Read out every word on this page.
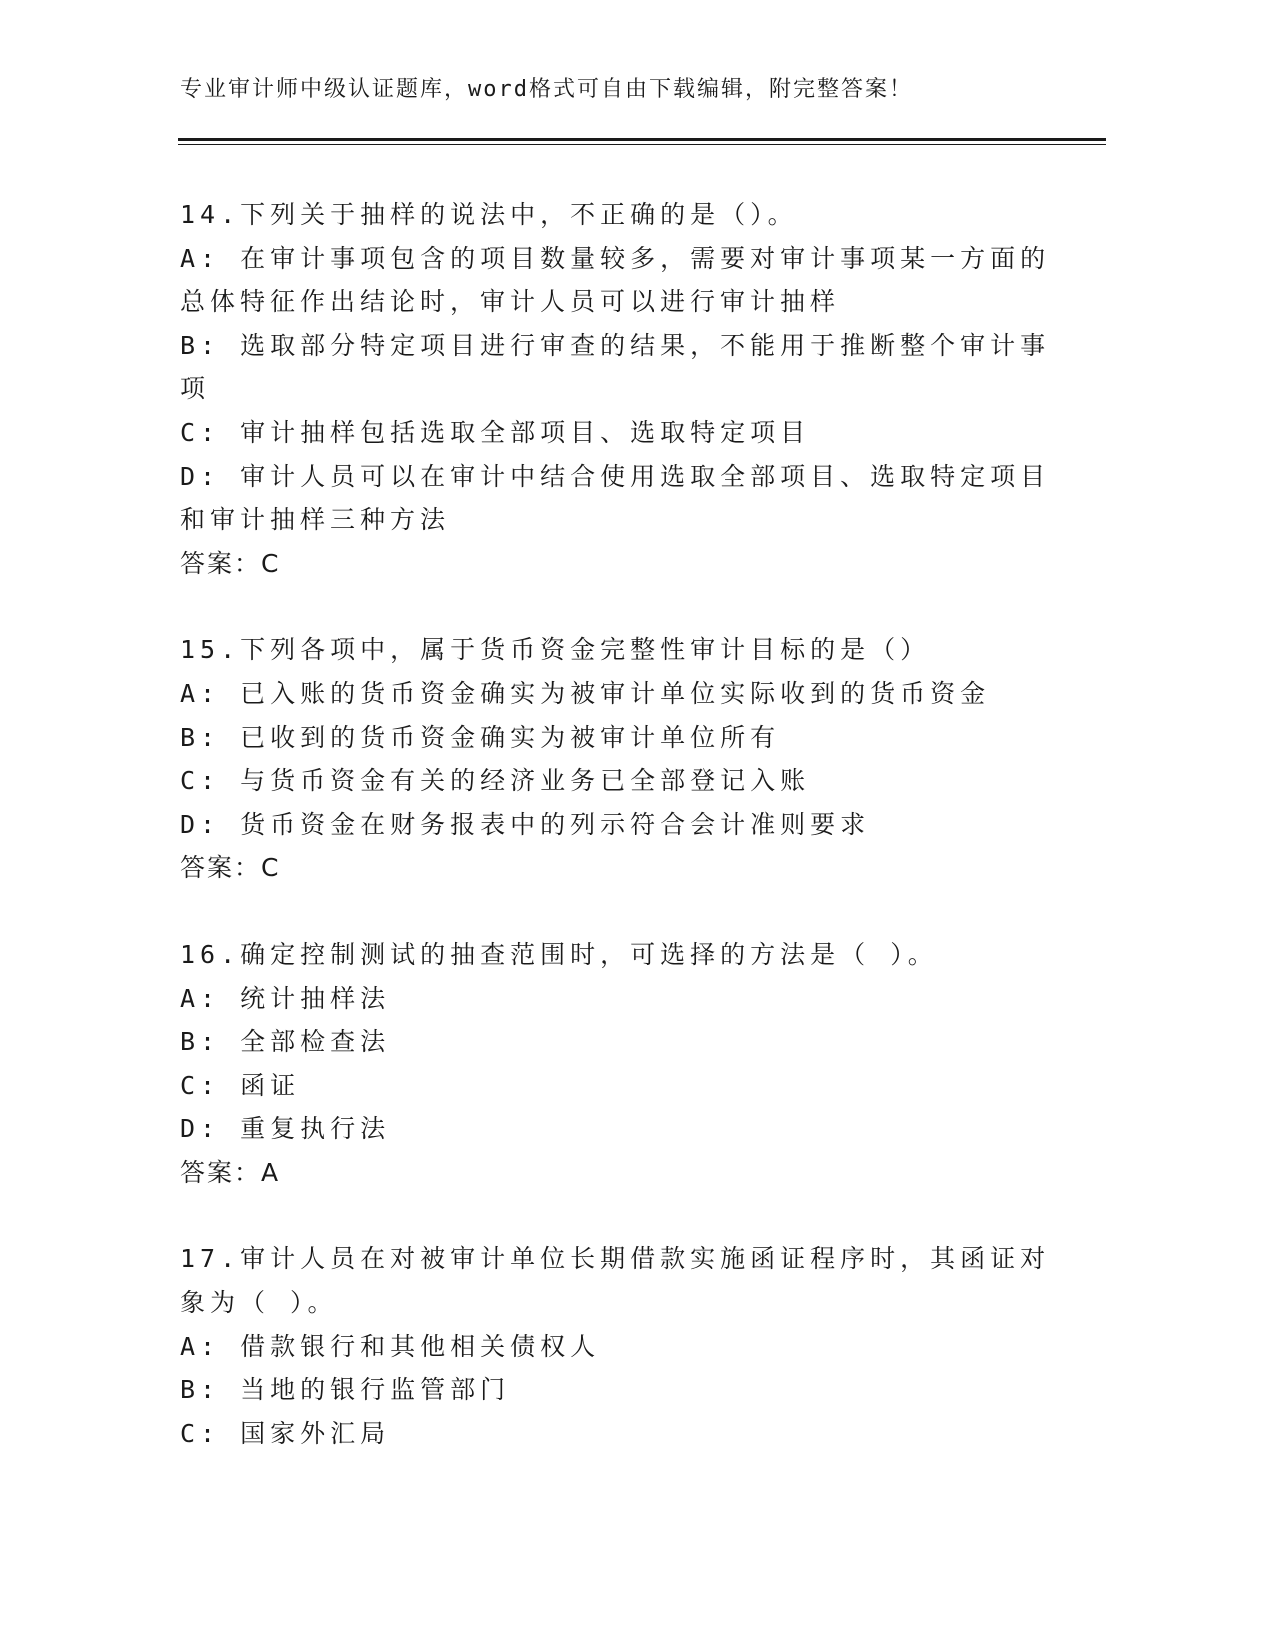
专业审计师中级认证题库，word格式可自由下载编辑，附完整答案！
14.下列关于抽样的说法中，不正确的是（）。
A: 在审计事项包含的项目数量较多，需要对审计事项某一方面的总体特征作出结论时，审计人员可以进行审计抽样
B: 选取部分特定项目进行审查的结果，不能用于推断整个审计事项
C: 审计抽样包括选取全部项目、选取特定项目
D: 审计人员可以在审计中结合使用选取全部项目、选取特定项目和审计抽样三种方法
答案：C
15.下列各项中，属于货币资金完整性审计目标的是（）
A: 已入账的货币资金确实为被审计单位实际收到的货币资金
B: 已收到的货币资金确实为被审计单位所有
C: 与货币资金有关的经济业务已全部登记入账
D: 货币资金在财务报表中的列示符合会计准则要求
答案：C
16.确定控制测试的抽查范围时，可选择的方法是（ ）。
A: 统计抽样法
B: 全部检查法
C: 函证
D: 重复执行法
答案：A
17.审计人员在对被审计单位长期借款实施函证程序时，其函证对象为（ ）。
A: 借款银行和其他相关债权人
B: 当地的银行监管部门
C: 国家外汇局
